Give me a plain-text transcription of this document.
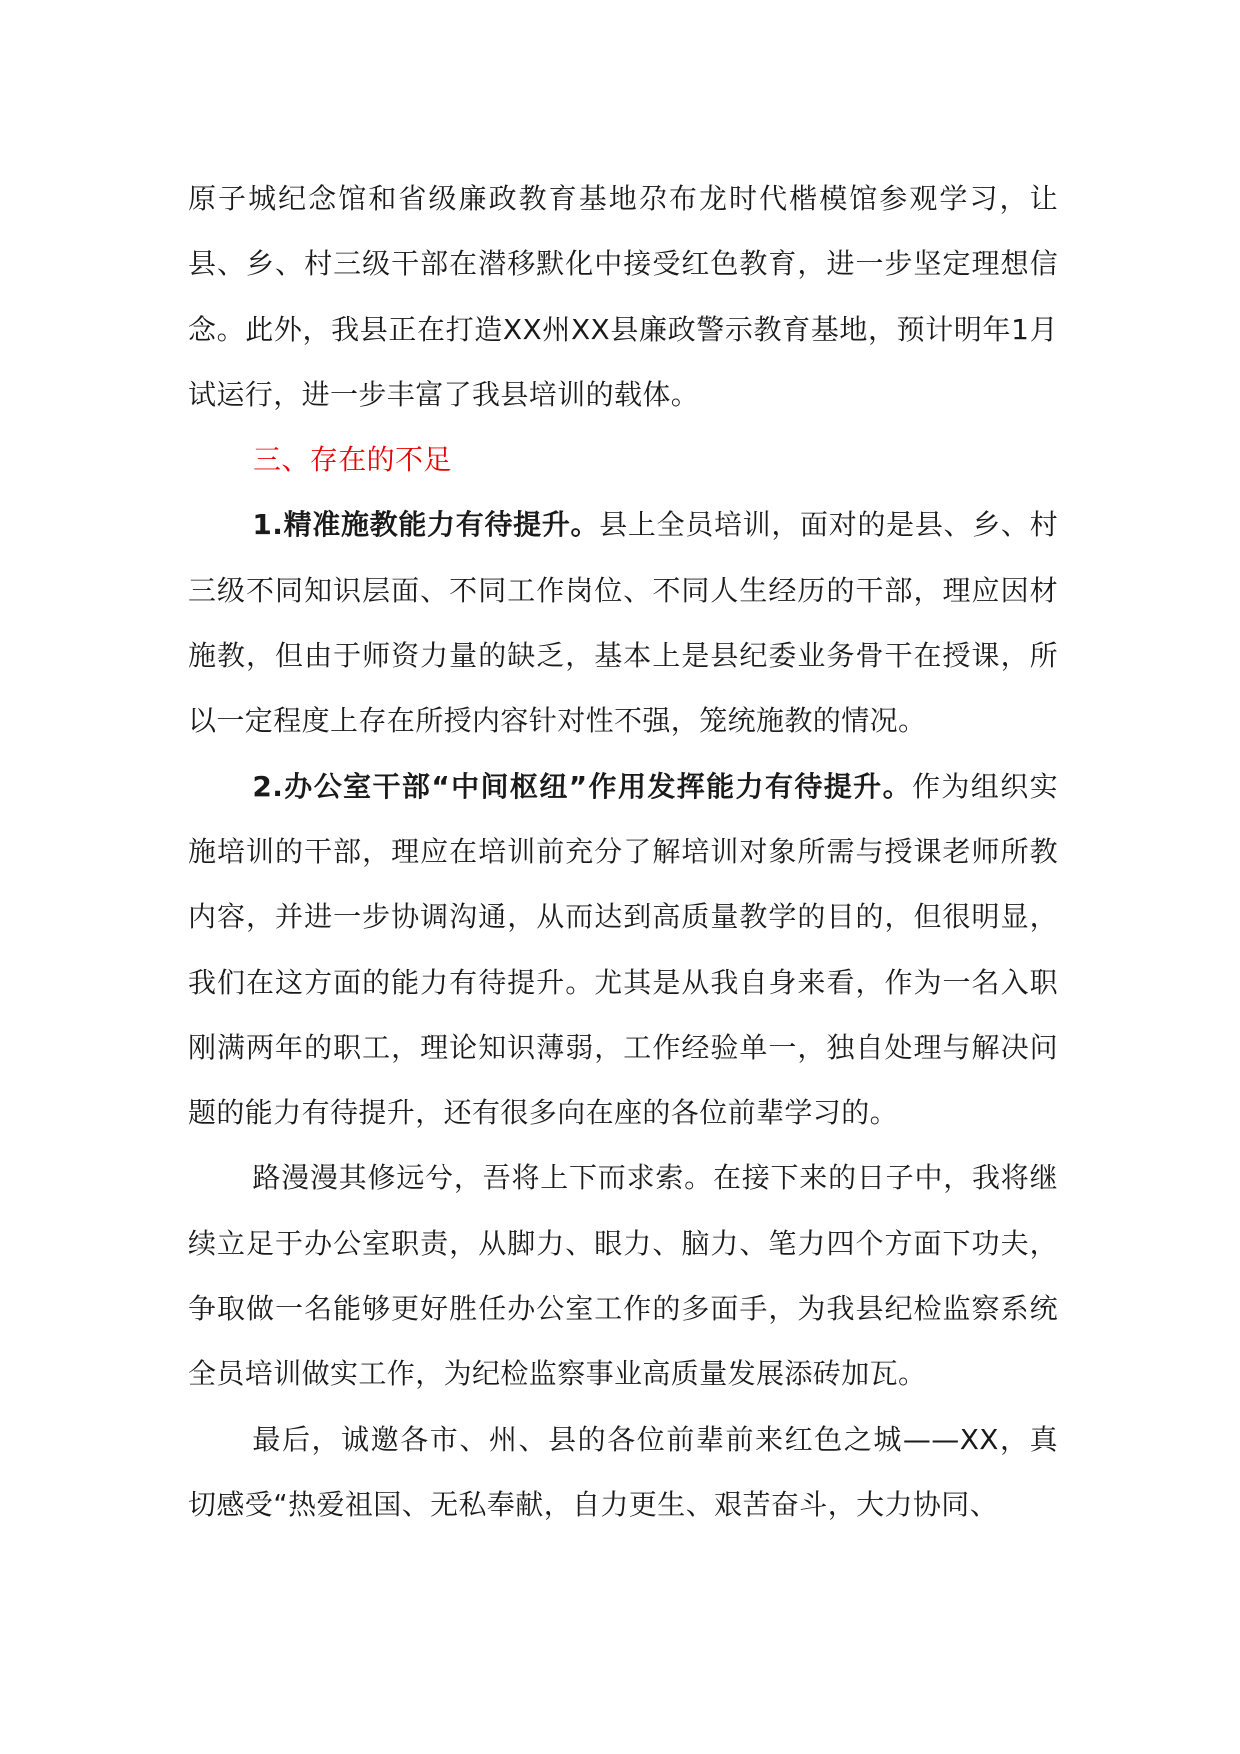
原子城纪念馆和省级廉政教育基地尕布龙时代楷模馆参观学习，让县、乡、村三级干部在潜移默化中接受红色教育，进一步坚定理想信念。此外，我县正在打造XX州XX县廉政警示教育基地，预计明年1月试运行，进一步丰富了我县培训的载体。

三、存在的不足

1.精准施教能力有待提升。县上全员培训，面对的是县、乡、村三级不同知识层面、不同工作岗位、不同人生经历的干部，理应因材施教，但由于师资力量的缺乏，基本上是县纪委业务骨干在授课，所以一定程度上存在所授内容针对性不强，笼统施教的情况。

2.办公室干部“中间枢纽”作用发挥能力有待提升。作为组织实施培训的干部，理应在培训前充分了解培训对象所需与授课老师所教内容，并进一步协调沟通，从而达到高质量教学的目的，但很明显，我们在这方面的能力有待提升。尤其是从我自身来看，作为一名入职刚满两年的职工，理论知识薄弱，工作经验单一，独自处理与解决问题的能力有待提升，还有很多向在座的各位前辈学习的。

路漫漫其修远兮，吾将上下而求索。在接下来的日子中，我将继续立足于办公室职责，从脚力、眼力、脑力、笔力四个方面下功夫，争取做一名能够更好胜任办公室工作的多面手，为我县纪检监察系统全员培训做实工作，为纪检监察事业高质量发展添砖加瓦。

最后，诚邀各市、州、县的各位前辈前来红色之城——XX，真切感受“热爱祖国、无私奉献，自力更生、艰苦奋斗，大力协同、
